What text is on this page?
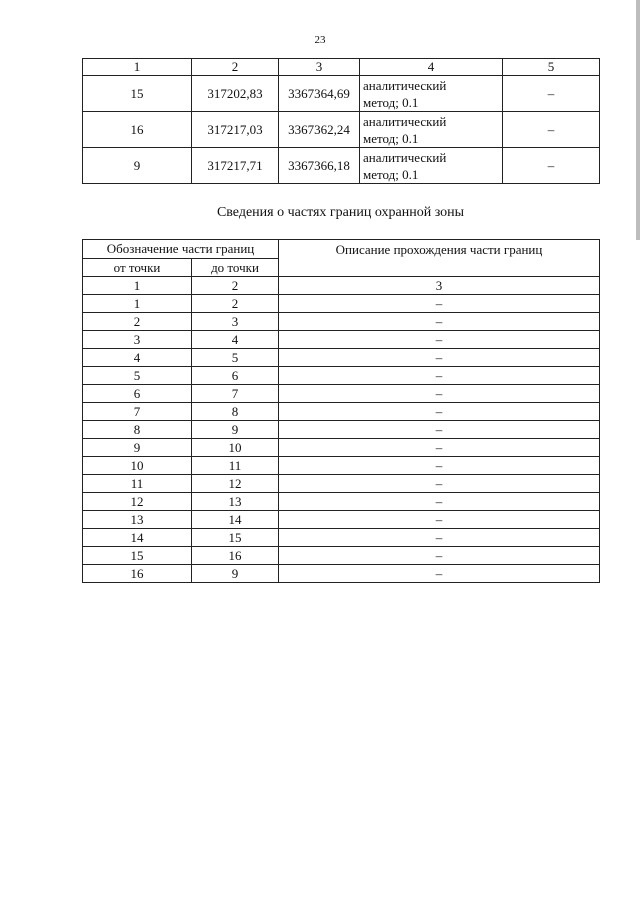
23
1	2	3	4	5
15	317202,83	3367364,69	аналитический
метод; 0.1	–
16	317217,03	3367362,24	аналитический
метод; 0.1	–
9	317217,71	3367366,18	аналитический
метод; 0.1	–
Сведения о частях границ охранной зоны
Обозначение части границ		Описание прохождения части границ
от точки	до точки	
1	2	3
1	2	–
2	3	–
3	4	–
4	5	–
5	6	–
6	7	–
7	8	–
8	9	–
9	10	–
10	11	–
11	12	–
12	13	–
13	14	–
14	15	–
15	16	–
16	9	–
